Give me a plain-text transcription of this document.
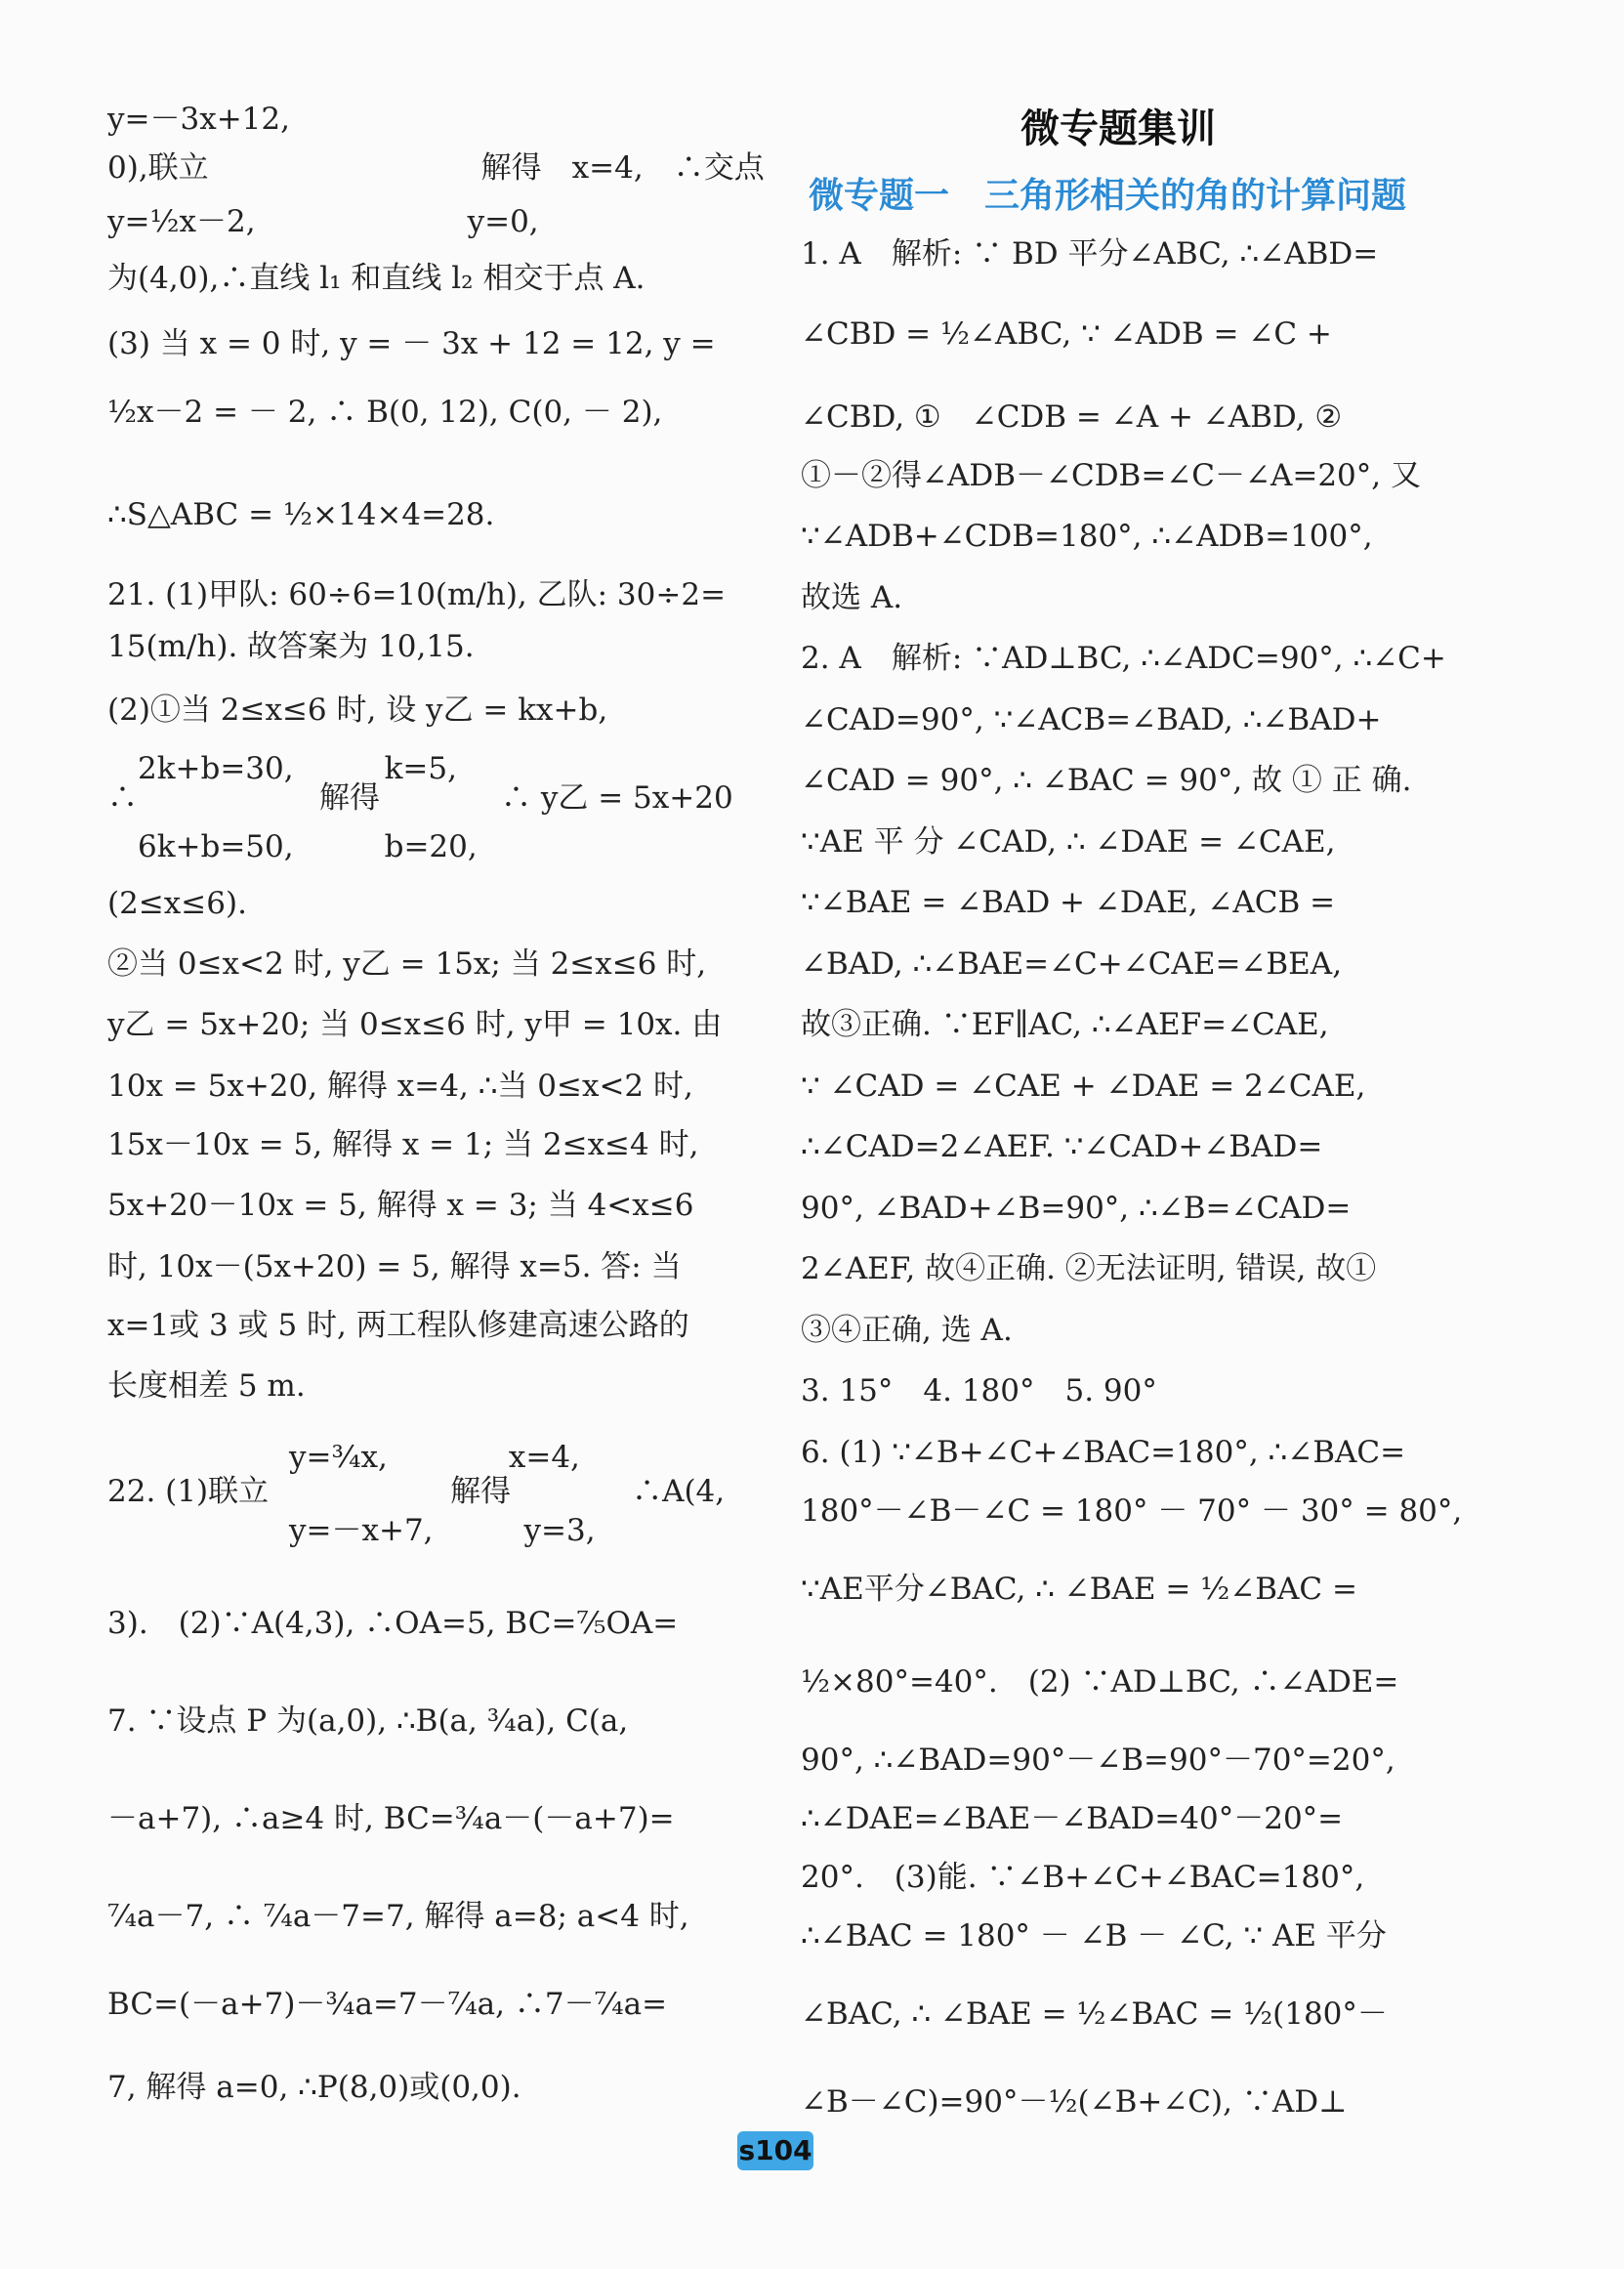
微专题集训
微专题一　三角形相关的角的计算问题
y=－3x+12,
0),联立　　　　　　　　　解得　x=4,　∴交点
y=½x－2,　　　　　　　y=0,
为(4,0),∴直线 l₁ 和直线 l₂ 相交于点 A.
(3) 当 x = 0 时, y = － 3x + 12 = 12, y =
½x－2 = － 2, ∴ B(0, 12), C(0, － 2),
∴S△ABC = ½×14×4=28.
21. (1)甲队: 60÷6=10(m/h), 乙队: 30÷2=
15(m/h). 故答案为 10,15.
(2)①当 2≤x≤6 时, 设 y乙 = kx+b,
　2k+b=30,　　　k=5,
∴　　　　　　解得　　　　∴ y乙 = 5x+20
　6k+b=50,　　　b=20,
(2≤x≤6).
②当 0≤x<2 时, y乙 = 15x; 当 2≤x≤6 时,
y乙 = 5x+20; 当 0≤x≤6 时, y甲 = 10x. 由
10x = 5x+20, 解得 x=4, ∴当 0≤x<2 时,
15x－10x = 5, 解得 x = 1; 当 2≤x≤4 时,
5x+20－10x = 5, 解得 x = 3; 当 4<x≤6
时, 10x－(5x+20) = 5, 解得 x=5. 答: 当
x=1或 3 或 5 时, 两工程队修建高速公路的
长度相差 5 m.
　　　　　　y=¾x,　　　　x=4,
22. (1)联立　　　　　　解得　　　　∴A(4,
　　　　　　y=－x+7,　　　y=3,
3).　(2)∵A(4,3), ∴OA=5, BC=⁷⁄₅OA=
7. ∵设点 P 为(a,0), ∴B(a, ¾a), C(a,
－a+7), ∴a≥4 时, BC=¾a－(－a+7)=
⁷⁄₄a－7, ∴ ⁷⁄₄a－7=7, 解得 a=8; a<4 时,
BC=(－a+7)－¾a=7－⁷⁄₄a, ∴7－⁷⁄₄a=
7, 解得 a=0, ∴P(8,0)或(0,0).
1. A　解析: ∵ BD 平分∠ABC, ∴∠ABD=
∠CBD = ½∠ABC, ∵ ∠ADB = ∠C +
∠CBD, ①　∠CDB = ∠A + ∠ABD, ②
①－②得∠ADB－∠CDB=∠C－∠A=20°, 又
∵∠ADB+∠CDB=180°, ∴∠ADB=100°,
故选 A.
2. A　解析: ∵AD⊥BC, ∴∠ADC=90°, ∴∠C+
∠CAD=90°, ∵∠ACB=∠BAD, ∴∠BAD+
∠CAD = 90°, ∴ ∠BAC = 90°, 故 ① 正 确.
∵AE 平 分 ∠CAD, ∴ ∠DAE = ∠CAE,
∵∠BAE = ∠BAD + ∠DAE, ∠ACB =
∠BAD, ∴∠BAE=∠C+∠CAE=∠BEA,
故③正确. ∵EF∥AC, ∴∠AEF=∠CAE,
∵ ∠CAD = ∠CAE + ∠DAE = 2∠CAE,
∴∠CAD=2∠AEF. ∵∠CAD+∠BAD=
90°, ∠BAD+∠B=90°, ∴∠B=∠CAD=
2∠AEF, 故④正确. ②无法证明, 错误, 故①
③④正确, 选 A.
3. 15°　4. 180°　5. 90°
6. (1) ∵∠B+∠C+∠BAC=180°, ∴∠BAC=
180°－∠B－∠C = 180° － 70° － 30° = 80°,
∵AE平分∠BAC, ∴ ∠BAE = ½∠BAC =
½×80°=40°.　(2) ∵AD⊥BC, ∴∠ADE=
90°, ∴∠BAD=90°－∠B=90°－70°=20°,
∴∠DAE=∠BAE－∠BAD=40°－20°=
20°.　(3)能. ∵∠B+∠C+∠BAC=180°,
∴∠BAC = 180° － ∠B － ∠C, ∵ AE 平分
∠BAC, ∴ ∠BAE = ½∠BAC = ½(180°－
∠B－∠C)=90°－½(∠B+∠C), ∵AD⊥
s104
